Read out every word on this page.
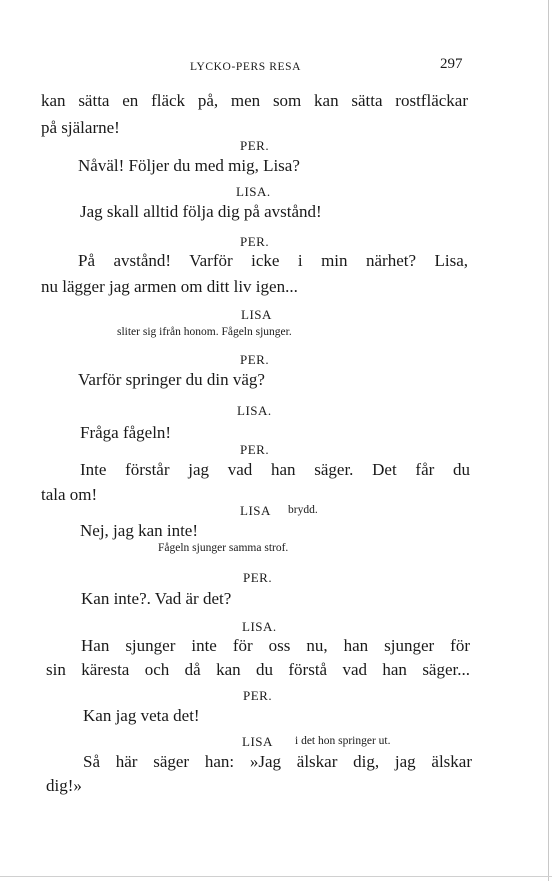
LYCKO-PERS RESA	297
kan sätta en fläck på, men som kan sätta rostfläckar
på själarne!
PER.
Nåväl! Följer du med mig, Lisa?
LISA.
Jag skall alltid följa dig på avstånd!
PER.
På avstånd! Varför icke i min närhet? Lisa,
nu lägger jag armen om ditt liv igen...
LISA
sliter sig ifrån honom. Fågeln sjunger.
PER.
Varför springer du din väg?
LISA.
Fråga fågeln!
PER.
Inte förstår jag vad han säger. Det får du
tala om!
LISA brydd.
Nej, jag kan inte!
Fågeln sjunger samma strof.
PER.
Kan inte?. Vad är det?
LISA.
Han sjunger inte för oss nu, han sjunger för
sin käresta och då kan du förstå vad han säger...
PER.
Kan jag veta det!
LISA i det hon springer ut.
Så här säger han: »Jag älskar dig, jag älskar
dig!»
